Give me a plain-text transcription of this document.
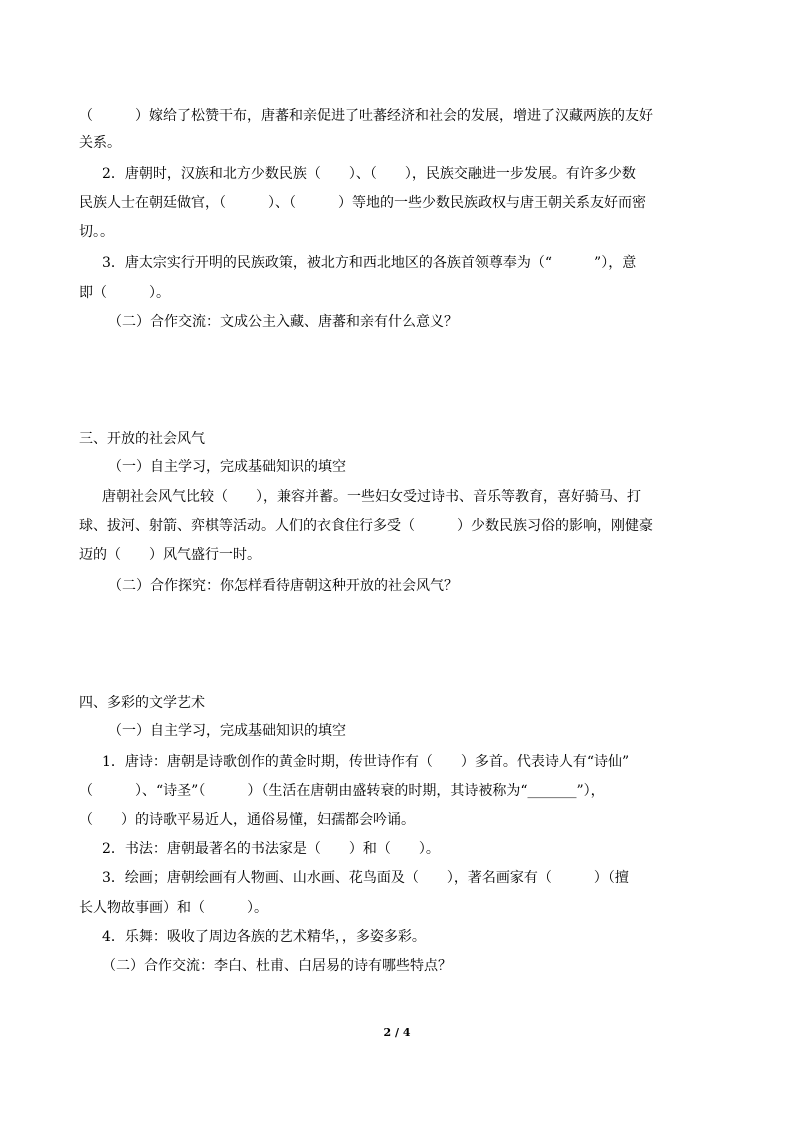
（　　　）嫁给了松赞干布，唐蕃和亲促进了吐蕃经济和社会的发展，增进了汉藏两族的友好
关系。
2．唐朝时，汉族和北方少数民族（　　）、（　　），民族交融进一步发展。有许多少数
民族人士在朝廷做官，（　　　）、（　　　）等地的一些少数民族政权与唐王朝关系友好而密
切。。
3．唐太宗实行开明的民族政策，被北方和西北地区的各族首领尊奉为（“　　　”），意
即（　　　）。
（二）合作交流：文成公主入藏、唐蕃和亲有什么意义？
三、开放的社会风气
（一）自主学习，完成基础知识的填空
唐朝社会风气比较（　　），兼容并蓄。一些妇女受过诗书、音乐等教育，喜好骑马、打
球、拔河、射箭、弈棋等活动。人们的衣食住行多受（　　　）少数民族习俗的影响，刚健豪
迈的（　　）风气盛行一时。
（二）合作探究：你怎样看待唐朝这种开放的社会风气？
四、多彩的文学艺术
（一）自主学习，完成基础知识的填空
1．唐诗：唐朝是诗歌创作的黄金时期，传世诗作有（　　）多首。代表诗人有“诗仙”
（　　　）、“诗圣”（　　　）（生活在唐朝由盛转衰的时期，其诗被称为“_______”），
（　　）的诗歌平易近人，通俗易懂，妇孺都会吟诵。
2．书法：唐朝最著名的书法家是（　　）和（　　）。
3．绘画；唐朝绘画有人物画、山水画、花鸟面及（　　），著名画家有（　　　）（擅
长人物故事画）和（　　　）。
4．乐舞：吸收了周边各族的艺术精华，，多姿多彩。
（二）合作交流：李白、杜甫、白居易的诗有哪些特点？
2 / 4
